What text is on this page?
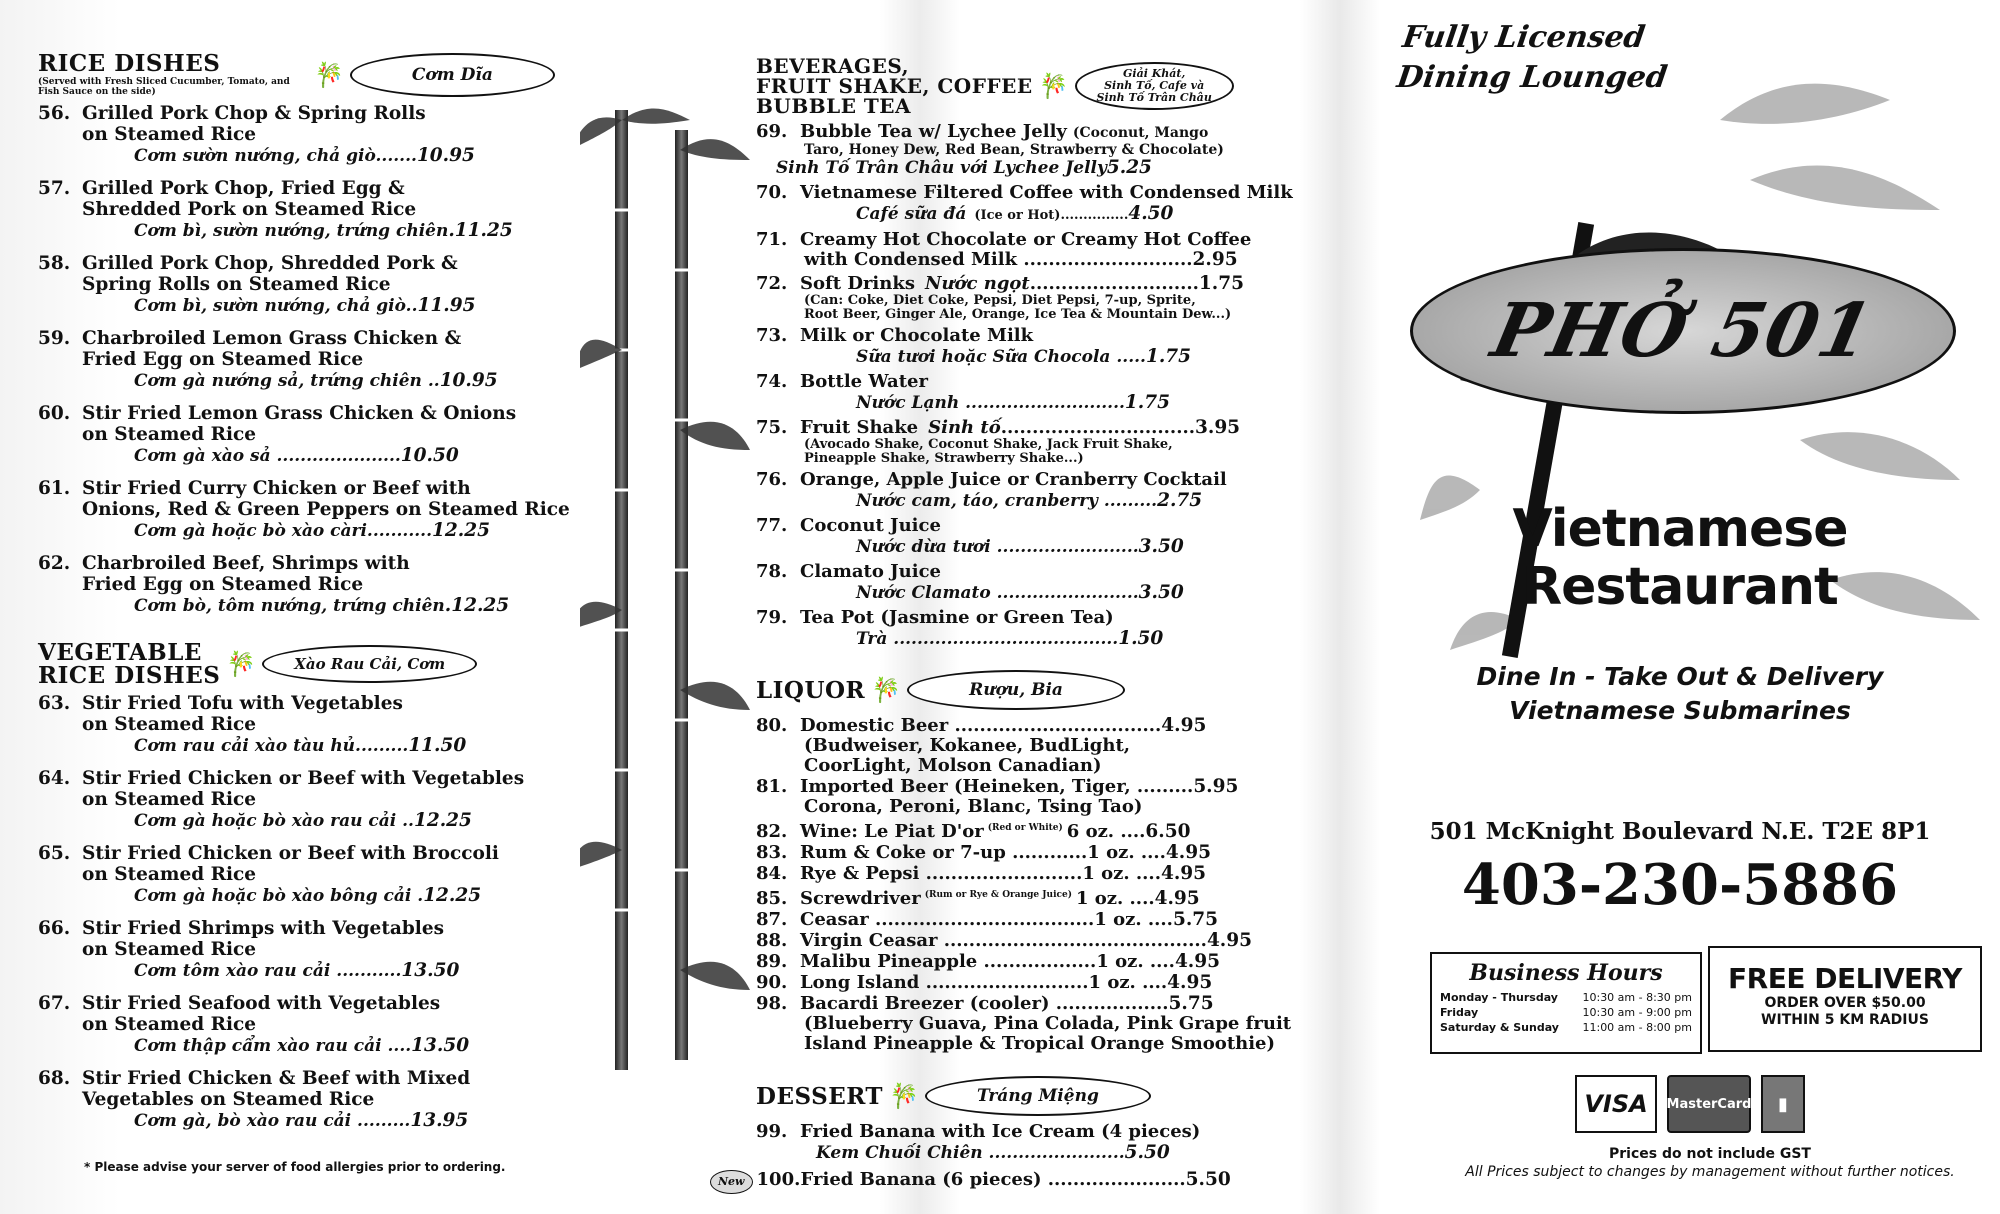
RICE DISHES
(Served with Fresh Sliced Cucumber, Tomato, and Fish Sauce on the side)
🎋	Cơm Dĩa
56. Grilled Pork Chop & Spring Rolls
on Steamed Rice
Cơm sườn nướng, chả giò.......10.95
57. Grilled Pork Chop, Fried Egg &
Shredded Pork on Steamed Rice
Cơm bì, sườn nướng, trứng chiên.11.25
58. Grilled Pork Chop, Shredded Pork &
Spring Rolls on Steamed Rice
Cơm bì, sườn nướng, chả giò..11.95
59. Charbroiled Lemon Grass Chicken &
Fried Egg on Steamed Rice
Cơm gà nướng sả, trứng chiên ..10.95
60. Stir Fried Lemon Grass Chicken & Onions
on Steamed Rice
Cơm gà xào sả .....................10.50
61. Stir Fried Curry Chicken or Beef with
Onions, Red & Green Peppers on Steamed Rice
Cơm gà hoặc bò xào càri...........12.25
62. Charbroiled Beef, Shrimps with
Fried Egg on Steamed Rice
Cơm bò, tôm nướng, trứng chiên.12.25
VEGETABLE
RICE DISHES 🎋	Xào Rau Cải, Cơm
63. Stir Fried Tofu with Vegetables
on Steamed Rice
Cơm rau cải xào tàu hủ.........11.50
64. Stir Fried Chicken or Beef with Vegetables
on Steamed Rice
Cơm gà hoặc bò xào rau cải ..12.25
65. Stir Fried Chicken or Beef with Broccoli
on Steamed Rice
Cơm gà hoặc bò xào bông cải .12.25
66. Stir Fried Shrimps with Vegetables
on Steamed Rice
Cơm tôm xào rau cải ...........13.50
67. Stir Fried Seafood with Vegetables
on Steamed Rice
Cơm thập cẩm xào rau cải ....13.50
68. Stir Fried Chicken & Beef with Mixed
Vegetables on Steamed Rice
Cơm gà, bò xào rau cải .........13.95
* Please advise your server of food allergies prior to ordering.
BEVERAGES,
FRUIT SHAKE, COFFEE
BUBBLE TEA
🎋	Giải Khát,
Sinh Tố, Cafe và
Sinh Tố Trân Châu
69. Bubble Tea w/ Lychee Jelly (Coconut, Mango
Taro, Honey Dew, Red Bean, Strawberry & Chocolate)
Sinh Tố Trân Châu với Lychee Jelly5.25
70. Vietnamese Filtered Coffee with Condensed Milk
Café sữa đá (Ice or Hot)...............4.50
71. Creamy Hot Chocolate or Creamy Hot Coffee
with Condensed Milk ...........................2.95
72. Soft Drinks Nước ngọt...........................1.75
(Can: Coke, Diet Coke, Pepsi, Diet Pepsi, 7-up, Sprite,
Root Beer, Ginger Ale, Orange, Ice Tea & Mountain Dew...)
73. Milk or Chocolate Milk
Sữa tươi hoặc Sữa Chocola .....1.75
74. Bottle Water
Nước Lạnh ...........................1.75
75. Fruit Shake Sinh tố...............................3.95
(Avocado Shake, Coconut Shake, Jack Fruit Shake,
Pineapple Shake, Strawberry Shake...)
76. Orange, Apple Juice or Cranberry Cocktail
Nước cam, táo, cranberry .........2.75
77. Coconut Juice
Nước dừa tươi ........................3.50
78. Clamato Juice
Nước Clamato ........................3.50
79. Tea Pot (Jasmine or Green Tea)
Trà ......................................1.50
LIQUOR 🎋	Rượu, Bia
80. Domestic Beer .................................4.95
(Budweiser, Kokanee, BudLight,
CoorLight, Molson Canadian)
81. Imported Beer (Heineken, Tiger, .........5.95
Corona, Peroni, Blanc, Tsing Tao)
82. Wine: Le Piat D'or $^{(Red or White)}$ 6 oz. ....6.50
83. Rum & Coke or 7-up ............1 oz. ....4.95
84. Rye & Pepsi .........................1 oz. ....4.95
85. Screwdriver $^{(Rum or Rye \& Orange Juice)}$ 1 oz. ....4.95
87. Ceasar ...................................1 oz. ....5.75
88. Virgin Ceasar ..........................................4.95
89. Malibu Pineapple ..................1 oz. ....4.95
90. Long Island ..........................1 oz. ....4.95
98. Bacardi Breezer (cooler) ..................5.75
(Blueberry Guava, Pina Colada, Pink Grape fruit
Island Pineapple & Tropical Orange Smoothie)
DESSERT 🎋	Tráng Miệng
99. Fried Banana with Ice Cream (4 pieces)
Kem Chuối Chiên .......................5.50
New 100.Fried Banana (6 pieces) ......................5.50
Fully Licensed
Dining Lounged
PHỞ 501
Vietnamese
Restaurant
Dine In - Take Out & Delivery
Vietnamese Submarines
501 McKnight Boulevard N.E. T2E 8P1
403-230-5886
Business Hours
Monday - Thursday	10:30 am - 8:30 pm
Friday	10:30 am - 9:00 pm
Saturday & Sunday	11:00 am - 8:00 pm
FREE DELIVERY
ORDER OVER $50.00
WITHIN 5 KM RADIUS
VISA	MasterCard	▮
Prices do not include GST
All Prices subject to changes by management without further notices.
